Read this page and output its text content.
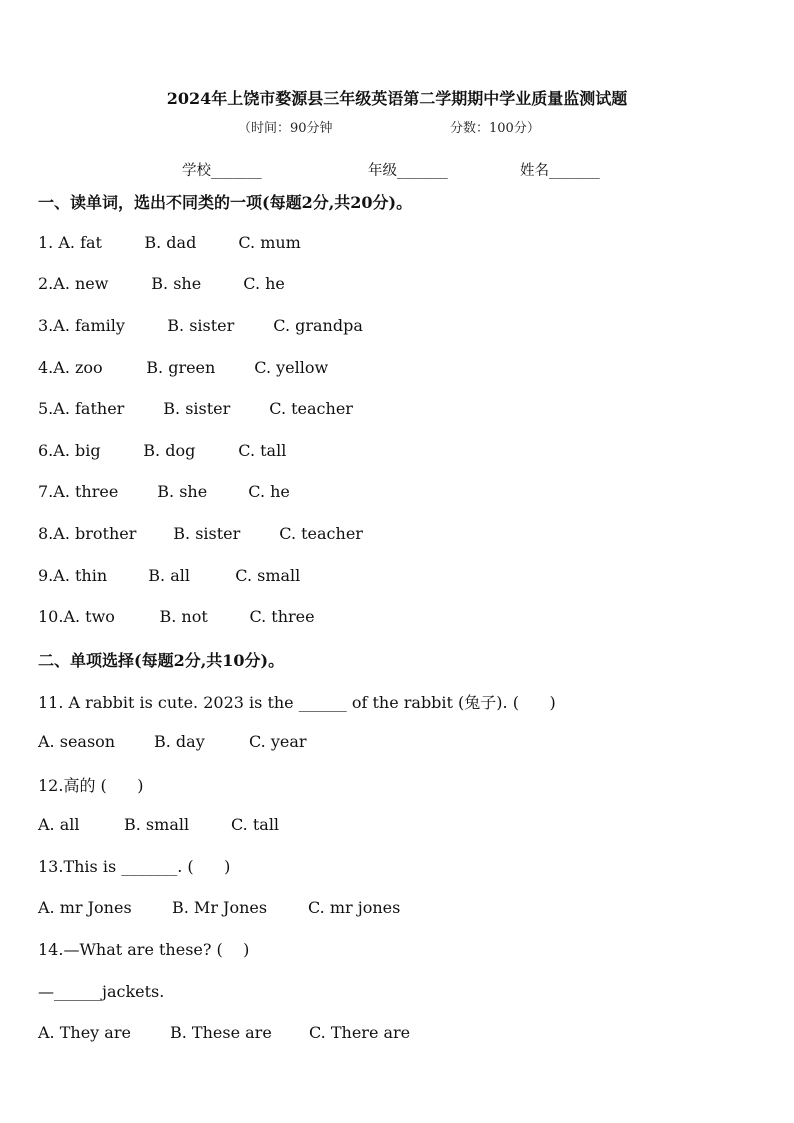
2024年上饶市婺源县三年级英语第二学期期中学业质量监测试题
（时间：90分钟	分数：100分）
学校_______	年级_______	姓名_______
一、读单词，选出不同类的一项(每题2分,共20分)。
1. A. fat	B. dad	C. mum
2.A. new	B. she	C. he
3.A. family	B. sister C. grandpa
4.A. zoo	B. green C. yellow
5.A. father B. sister C. teacher
6.A. big	B. dog	C. tall
7.A. three B. she	C. he
8.A. brother B. sister C. teacher
9.A. thin	B. all	C. small
10.A. two	B. not	C. three
二、单项选择(每题2分,共10分)。
11. A rabbit is cute. 2023 is the ______ of the rabbit (兔子). (      )
A. season B. day	C. year
12.高的 (      )
A. all	B. small	C. tall
13.This is _______. (      )
A. mr Jones	B. Mr Jones	C. mr jones
14.—What are these? (    )
—______jackets.
A. They are B. These are C. There are
